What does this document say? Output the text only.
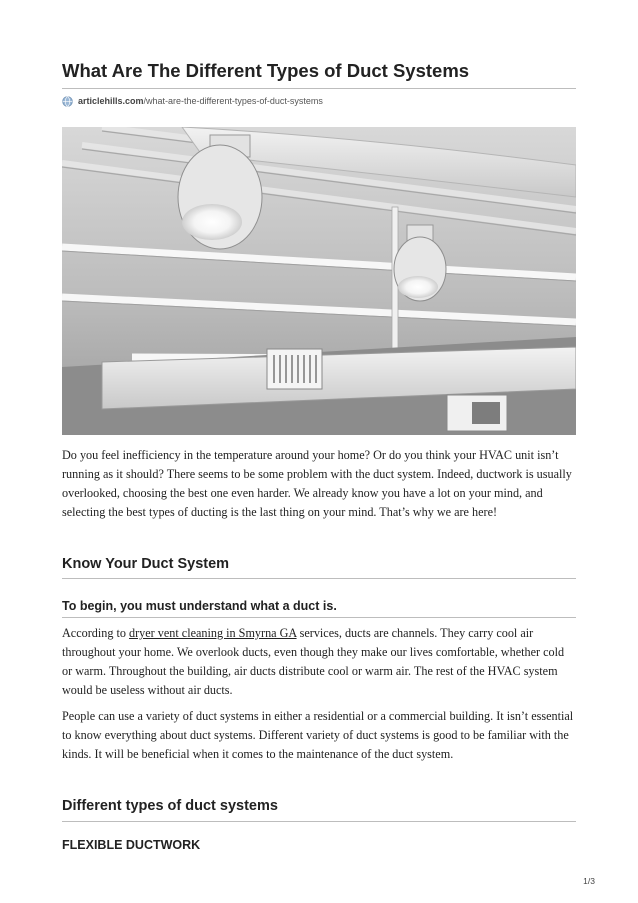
What Are The Different Types of Duct Systems
articlehills.com /what-are-the-different-types-of-duct-systems

Do you feel inefficiency in the temperature around your home? Or do you think your HVAC unit isn’t running as it should? There seems to be some problem with the duct system. Indeed, ductwork is usually overlooked, choosing the best one even harder. We already know you have a lot on your mind, and selecting the best types of ducting is the last thing on your mind. That’s why we are here!

Know Your Duct System
To begin, you must understand what a duct is.

According to dryer vent cleaning in Smyrna GA services, ducts are channels. They carry cool air throughout your home. We overlook ducts, even though they make our lives comfortable, whether cold or warm. Throughout the building, air ducts distribute cool or warm air. The rest of the HVAC system would be useless without air ducts.

People can use a variety of duct systems in either a residential or a commercial building. It isn’t essential to know everything about duct systems. Different variety of duct systems is good to be familiar with the kinds. It will be beneficial when it comes to the maintenance of the duct system.

Different types of duct systems
FLEXIBLE DUCTWORK
1/3
